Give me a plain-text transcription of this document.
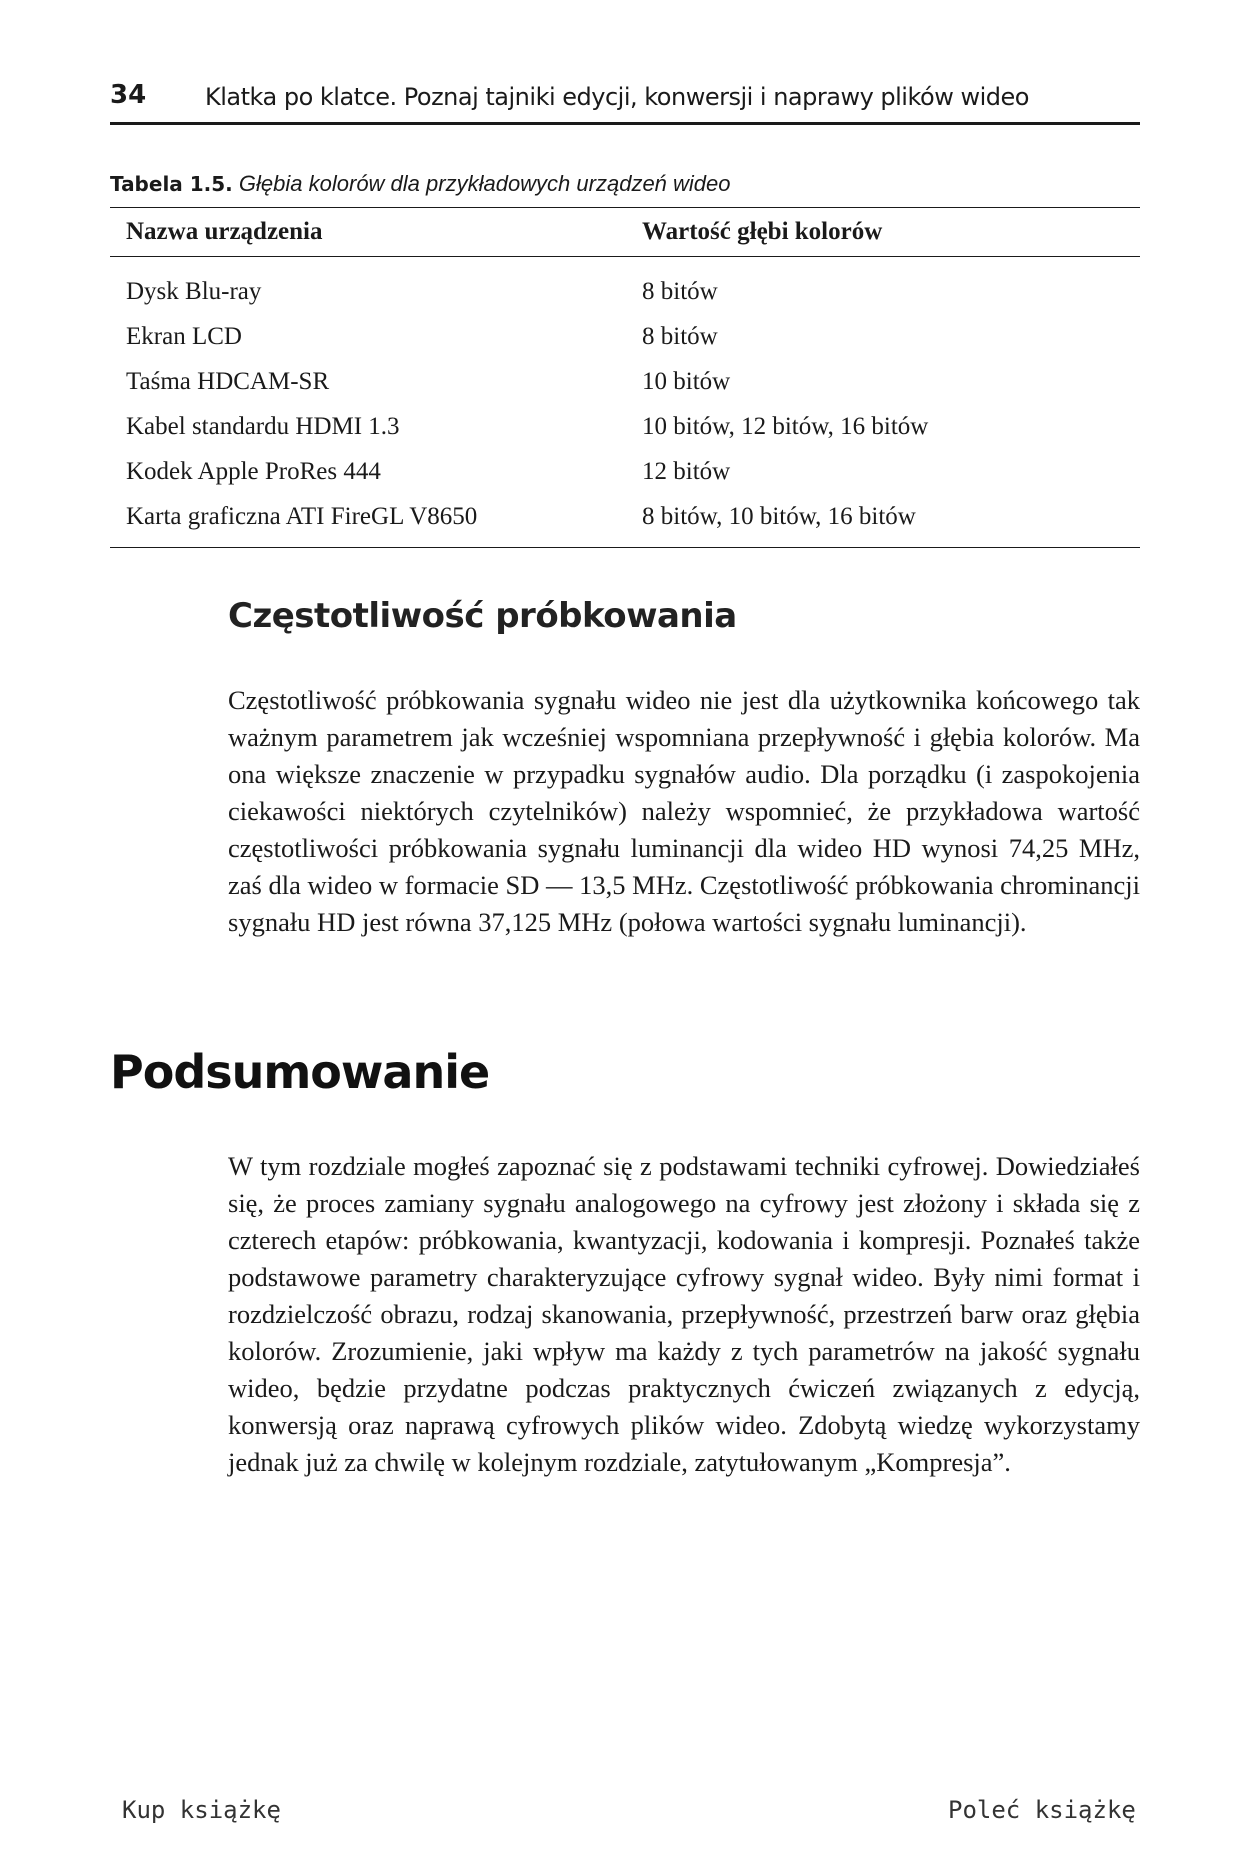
34 Klatka po klatce. Poznaj tajniki edycji, konwersji i naprawy plików wideo
Tabela 1.5. Głębia kolorów dla przykładowych urządzeń wideo
Nazwa urządzenia	Wartość głębi kolorów
Dysk Blu-ray	8 bitów
Ekran LCD	8 bitów
Taśma HDCAM-SR	10 bitów
Kabel standardu HDMI 1.3	10 bitów, 12 bitów, 16 bitów
Kodek Apple ProRes 444	12 bitów
Karta graficzna ATI FireGL V8650	8 bitów, 10 bitów, 16 bitów
Częstotliwość próbkowania

Częstotliwość próbkowania sygnału wideo nie jest dla użytkownika końcowego tak ważnym parametrem jak wcześniej wspomniana przepływność i głębia kolorów. Ma ona większe znaczenie w przypadku sygnałów audio. Dla porządku (i zaspokojenia ciekawości niektórych czytelników) należy wspomnieć, że przykładowa wartość częstotliwości próbkowania sygnału luminancji dla wideo HD wynosi 74,25 MHz, zaś dla wideo w formacie SD — 13,5 MHz. Częstotliwość próbkowania chrominancji sygnału HD jest równa 37,125 MHz (połowa wartości sygnału luminancji).

Podsumowanie

W tym rozdziale mogłeś zapoznać się z podstawami techniki cyfrowej. Dowiedziałeś się, że proces zamiany sygnału analogowego na cyfrowy jest złożony i składa się z czterech etapów: próbkowania, kwantyzacji, kodowania i kompresji. Poznałeś także podstawowe parametry charakteryzujące cyfrowy sygnał wideo. Były nimi format i rozdzielczość obrazu, rodzaj skanowania, przepływność, przestrzeń barw oraz głębia kolorów. Zrozumienie, jaki wpływ ma każdy z tych parametrów na jakość sygnału wideo, będzie przydatne podczas praktycznych ćwiczeń związanych z edycją, konwersją oraz naprawą cyfrowych plików wideo. Zdobytą wiedzę wykorzystamy jednak już za chwilę w kolejnym rozdziale, zatytułowanym „Kompresja”.

Kup książkę	Poleć książkę
